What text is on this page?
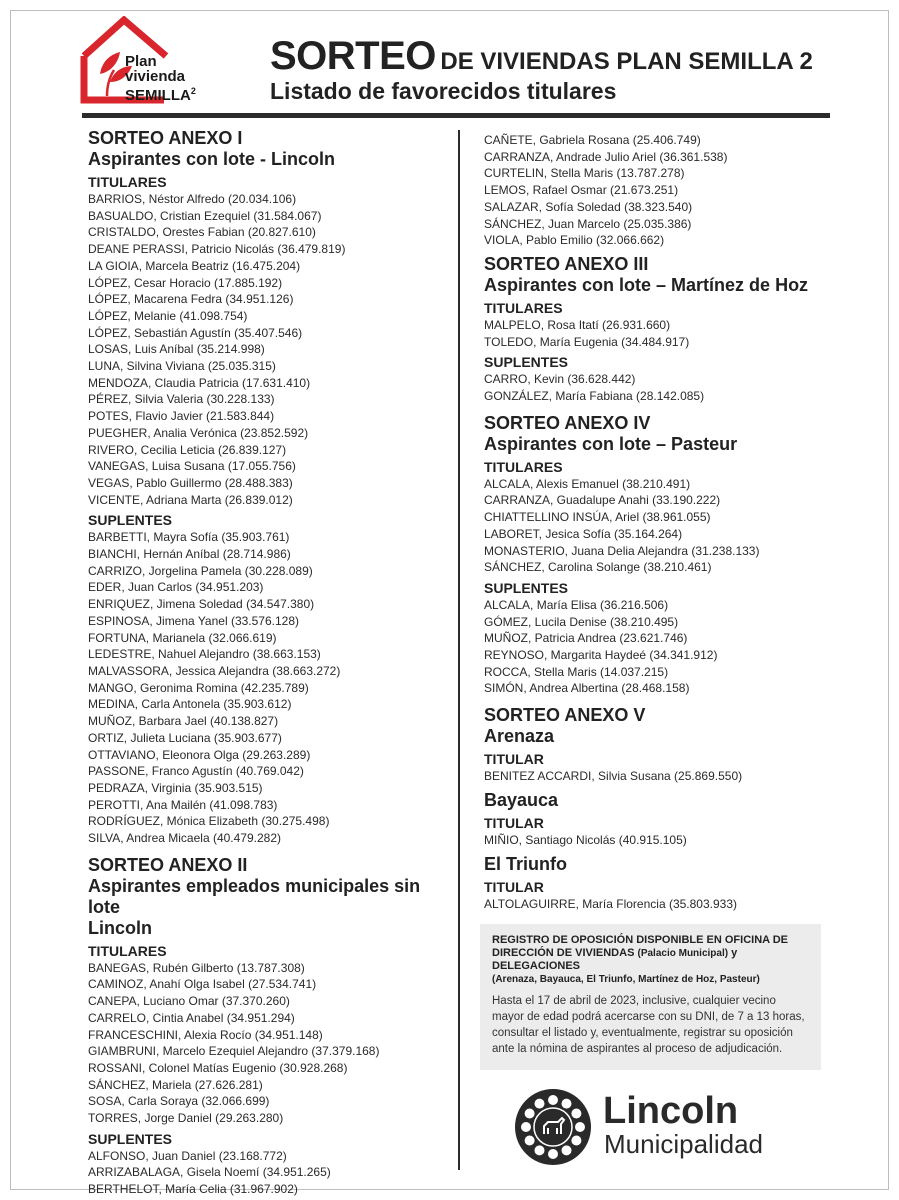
Plan
vivienda
SEMILLA$^2$
SORTEO DE VIVIENDAS PLAN SEMILLA 2
Listado de favorecidos titulares
SORTEO ANEXO I
Aspirantes con lote - Lincoln
TITULARES
BARRIOS, Néstor Alfredo (20.034.106)
BASUALDO, Cristian Ezequiel (31.584.067)
CRISTALDO, Orestes Fabian (20.827.610)
DEANE PERASSI, Patricio Nicolás (36.479.819)
LA GIOIA, Marcela Beatriz (16.475.204)
LÓPEZ, Cesar Horacio (17.885.192)
LÓPEZ, Macarena Fedra (34.951.126)
LÓPEZ, Melanie (41.098.754)
LÓPEZ, Sebastián Agustín (35.407.546)
LOSAS, Luis Aníbal (35.214.998)
LUNA, Silvina Viviana (25.035.315)
MENDOZA, Claudia Patricia (17.631.410)
PÉREZ, Silvia Valeria (30.228.133)
POTES, Flavio Javier (21.583.844)
PUEGHER, Analia Verónica (23.852.592)
RIVERO, Cecilia Leticia (26.839.127)
VANEGAS, Luisa Susana (17.055.756)
VEGAS, Pablo Guillermo (28.488.383)
VICENTE, Adriana Marta (26.839.012)
SUPLENTES
BARBETTI, Mayra Sofía (35.903.761)
BIANCHI, Hernán Aníbal (28.714.986)
CARRIZO, Jorgelina Pamela (30.228.089)
EDER, Juan Carlos (34.951.203)
ENRIQUEZ, Jimena Soledad (34.547.380)
ESPINOSA, Jimena Yanel (33.576.128)
FORTUNA, Marianela (32.066.619)
LEDESTRE, Nahuel Alejandro (38.663.153)
MALVASSORA, Jessica Alejandra (38.663.272)
MANGO, Geronima Romina (42.235.789)
MEDINA, Carla Antonela (35.903.612)
MUÑOZ, Barbara Jael (40.138.827)
ORTIZ, Julieta Luciana (35.903.677)
OTTAVIANO, Eleonora Olga (29.263.289)
PASSONE, Franco Agustín (40.769.042)
PEDRAZA, Virginia (35.903.515)
PEROTTI, Ana Mailén (41.098.783)
RODRÍGUEZ, Mónica Elizabeth (30.275.498)
SILVA, Andrea Micaela (40.479.282)
SORTEO ANEXO II
Aspirantes empleados municipales sin lote
Lincoln
TITULARES
BANEGAS, Rubén Gilberto (13.787.308)
CAMINOZ, Anahí Olga Isabel (27.534.741)
CANEPA, Luciano Omar (37.370.260)
CARRELO, Cintia Anabel (34.951.294)
FRANCESCHINI, Alexia Rocío (34.951.148)
GIAMBRUNI, Marcelo Ezequiel Alejandro (37.379.168)
ROSSANI, Colonel Matías Eugenio (30.928.268)
SÁNCHEZ, Mariela (27.626.281)
SOSA, Carla Soraya (32.066.699)
TORRES, Jorge Daniel (29.263.280)
SUPLENTES
ALFONSO, Juan Daniel (23.168.772)
ARRIZABALAGA, Gisela Noemí (34.951.265)
BERTHELOT, María Celia (31.967.902)
CAÑETE, Gabriela Rosana (25.406.749)
CARRANZA, Andrade Julio Ariel (36.361.538)
CURTELIN, Stella Maris (13.787.278)
LEMOS, Rafael Osmar (21.673.251)
SALAZAR, Sofía Soledad (38.323.540)
SÁNCHEZ, Juan Marcelo (25.035.386)
VIOLA, Pablo Emilio (32.066.662)
SORTEO ANEXO III
Aspirantes con lote – Martínez de Hoz
TITULARES
MALPELO, Rosa Itatí (26.931.660)
TOLEDO, María Eugenia (34.484.917)
SUPLENTES
CARRO, Kevin (36.628.442)
GONZÁLEZ, María Fabiana (28.142.085)
SORTEO ANEXO IV
Aspirantes con lote – Pasteur
TITULARES
ALCALA, Alexis Emanuel (38.210.491)
CARRANZA, Guadalupe Anahi (33.190.222)
CHIATTELLINO INSÚA, Ariel (38.961.055)
LABORET, Jesica Sofía (35.164.264)
MONASTERIO, Juana Delia Alejandra (31.238.133)
SÁNCHEZ, Carolina Solange (38.210.461)
SUPLENTES
ALCALA, María Elisa (36.216.506)
GÓMEZ, Lucila Denise (38.210.495)
MUÑOZ, Patricia Andrea (23.621.746)
REYNOSO, Margarita Haydeé (34.341.912)
ROCCA, Stella Maris (14.037.215)
SIMÓN, Andrea Albertina (28.468.158)
SORTEO ANEXO V
Arenaza
TITULAR
BENITEZ ACCARDI, Silvia Susana (25.869.550)
Bayauca
TITULAR
MIÑIO, Santiago Nicolás (40.915.105)
El Triunfo
TITULAR
ALTOLAGUIRRE, María Florencia (35.803.933)
REGISTRO DE OPOSICIÓN DISPONIBLE EN OFICINA DE
DIRECCIÓN DE VIVIENDAS (Palacio Municipal) y DELEGACIONES
(Arenaza, Bayauca, El Triunfo, Martínez de Hoz, Pasteur)
Hasta el 17 de abril de 2023, inclusive, cualquier vecino
mayor de edad podrá acercarse con su DNI, de 7 a 13 horas,
consultar el listado y, eventualmente, registrar su oposición
ante la nómina de aspirantes al proceso de adjudicación.
Lincoln
Municipalidad
